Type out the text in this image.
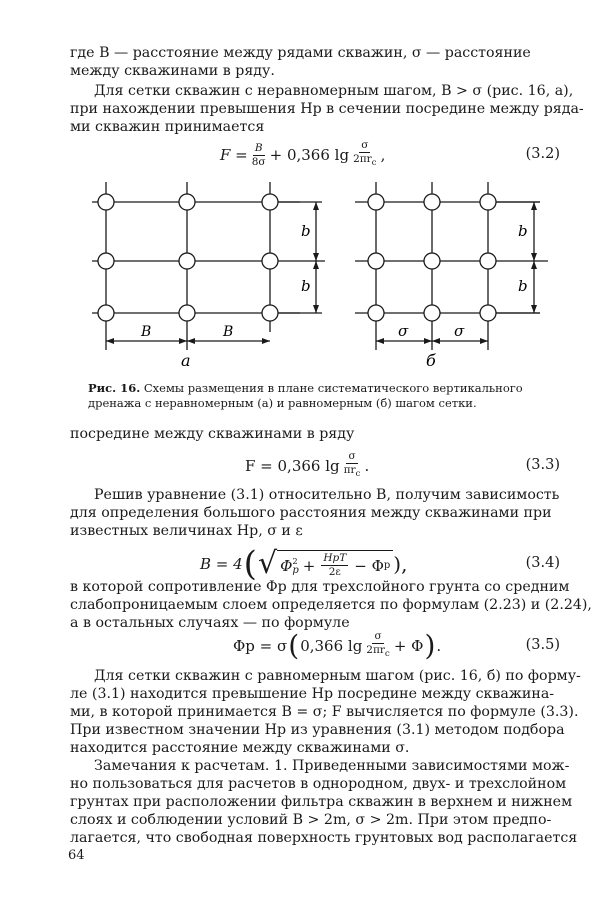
где B — расстояние между рядами скважин, σ — расстояние
между скважинами в ряду.
Для сетки скважин с неравномерным шагом, B > σ (рис. 16, а),
при нахождении превышения Hp в сечении посредине между ряда-
ми скважин принимается
$F = \frac{B}{8\sigma} + 0,366$ $\lg \frac{\sigma}{2\pi r_c}$ ,	(3.2)
b
b
B	B
а
b
b
σ	σ
б
Рис. 16. Схемы размещения в плане систематического вертикального
дренажа с неравномерным (а) и равномерным (б) шагом сетки.
посредине между скважинами в ряду
F = 0,366 $\lg \frac{\sigma}{\pi r_c}$ .	(3.3)
Решив уравнение (3.1) относительно B, получим зависимость
для определения большого расстояния между скважинами при
известных величинах Hp, σ и ε
B = 4 ( √ Φ 2
$p + \frac{\text{HpT}}{2\varepsilon} - \Phi$ p ),	(3.4)
в которой сопротивление Φp для трехслойного грунта со средним
слабопроницаемым слоем определяется по формулам (2.23) и (2.24),
а в остальных случаях — по формуле
Φp = σ ( 0,366 $\lg \frac{\sigma}{2\pi r_c} + \Phi$ ) .	(3.5)
Для сетки скважин с равномерным шагом (рис. 16, б) по форму-
ле (3.1) находится превышение Hp посредине между скважина-
ми, в которой принимается B = σ; F вычисляется по формуле (3.3).
При известном значении Hp из уравнения (3.1) методом подбора
находится расстояние между скважинами σ.
Замечания к расчетам. 1. Приведенными зависимостями мож-
но пользоваться для расчетов в однородном, двух- и трехслойном
грунтах при расположении фильтра скважин в верхнем и нижнем
слоях и соблюдении условий B > 2m, σ > 2m. При этом предпо-
лагается, что свободная поверхность грунтовых вод располагается
64
